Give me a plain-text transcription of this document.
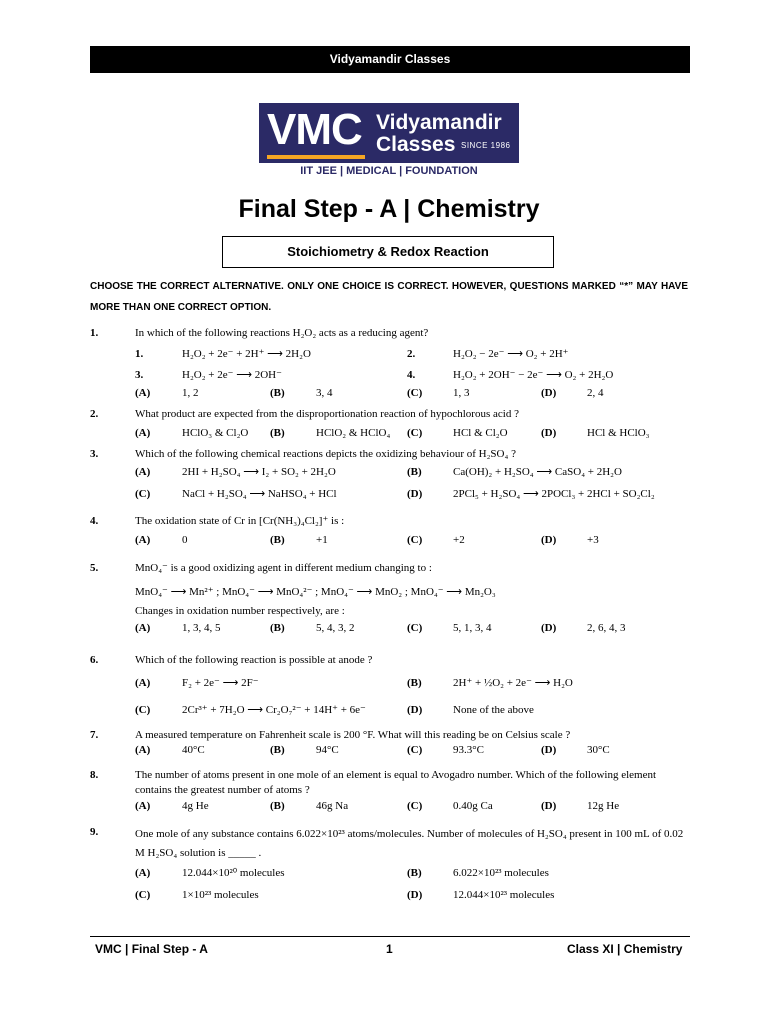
Vidyamandir Classes
VMC Vidyamandir
Classes SINCE 1986
IIT JEE | MEDICAL | FOUNDATION
Final Step - A | Chemistry
Stoichiometry & Redox Reaction
CHOOSE THE CORRECT ALTERNATIVE. ONLY ONE CHOICE IS CORRECT. HOWEVER, QUESTIONS MARKED “*” MAY HAVE MORE THAN ONE CORRECT OPTION.
1.	In which of the following reactions H₂O₂ acts as a reducing agent?
1.	H₂O₂ + 2e⁻ + 2H⁺ ⟶ 2H₂O	2.	H₂O₂ − 2e⁻ ⟶ O₂ + 2H⁺
3.	H₂O₂ + 2e⁻ ⟶ 2OH⁻	4.	H₂O₂ + 2OH⁻ − 2e⁻ ⟶ O₂ + 2H₂O
(A)	1, 2	(B)	3, 4	(C)	1, 3	(D)	2, 4
2.	What product are expected from the disproportionation reaction of hypochlorous acid ?
(A)	HClO₃ & Cl₂O (B)	HClO₂ & HClO₄ (C)	HCl & Cl₂O	(D)	HCl & HClO₃
3.	Which of the following chemical reactions depicts the oxidizing behaviour of H₂SO₄ ?
(A)	2HI + H₂SO₄ ⟶ I₂ + SO₂ + 2H₂O	(B)	Ca(OH)₂ + H₂SO₄ ⟶ CaSO₄ + 2H₂O
(C)	NaCl + H₂SO₄ ⟶ NaHSO₄ + HCl	(D)	2PCl₅ + H₂SO₄ ⟶ 2POCl₃ + 2HCl + SO₂Cl₂
4.	The oxidation state of Cr in [Cr(NH₃)₄Cl₂]⁺ is :
(A)	0	(B)	+1	(C)	+2	(D)	+3
5.	MnO₄⁻ is a good oxidizing agent in different medium changing to :
MnO₄⁻ ⟶ Mn²⁺ ; MnO₄⁻ ⟶ MnO₄²⁻ ; MnO₄⁻ ⟶ MnO₂ ; MnO₄⁻ ⟶ Mn₂O₃
Changes in oxidation number respectively, are :
(A)	1, 3, 4, 5	(B)	5, 4, 3, 2	(C)	5, 1, 3, 4	(D)	2, 6, 4, 3
6.	Which of the following reaction is possible at anode ?
(A)	F₂ + 2e⁻ ⟶ 2F⁻	(B)	2H⁺ + ½O₂ + 2e⁻ ⟶ H₂O
(C)	2Cr³⁺ + 7H₂O ⟶ Cr₂O₇²⁻ + 14H⁺ + 6e⁻	(D)	None of the above
7.	A measured temperature on Fahrenheit scale is 200 °F. What will this reading be on Celsius scale ?
(A)	40°C	(B)	94°C	(C)	93.3°C	(D)	30°C
8.	The number of atoms present in one mole of an element is equal to Avogadro number. Which of the following element contains the greatest number of atoms ?
(A)	4g He	(B)	46g Na	(C)	0.40g Ca	(D)	12g He
9.	One mole of any substance contains 6.022×10²³ atoms/molecules. Number of molecules of H₂SO₄ present in 100 mL of 0.02 M H₂SO₄ solution is _____ .
(A)	12.044×10²⁰ molecules	(B)	6.022×10²³ molecules
(C)	1×10²³ molecules	(D)	12.044×10²³ molecules
VMC | Final Step - A	1	Class XI | Chemistry
